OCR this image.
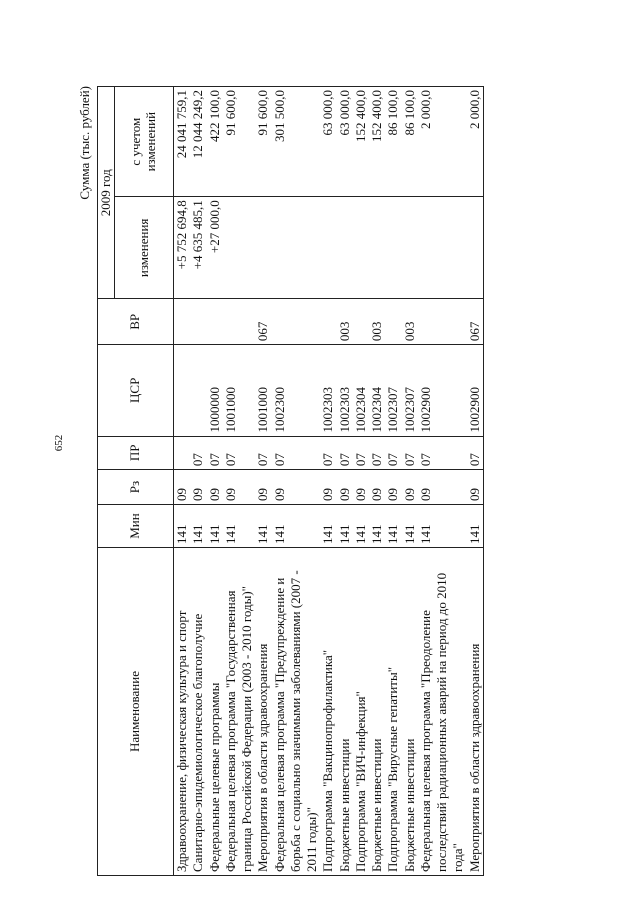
652
Сумма (тыс. рублей)
Наименование	Мин	Рз	ПР	ЦСР	ВР	2009 год	
						изменения	с учетом изменений
Здравоохранение, физическая культура и спорт	141	09				+5 752 694,8	24 041 759,1
Санитарно-эпидемиологическое благополучие	141	09	07			+4 635 485,1	12 044 249,2
Федеральные целевые программы	141	09	07	1000000		+27 000,0	422 100,0
Федеральная целевая программа "Государственная граница Российской Федерации (2003 - 2010 годы)"	141	09	07	1001000			91 600,0
Мероприятия в области здравоохранения	141	09	07	1001000	067		91 600,0
Федеральная целевая программа "Предупреждение и борьба с социально значимыми заболеваниями (2007 - 2011 годы)"	141	09	07	1002300			301 500,0
Подпрограмма "Вакцинопрофилактика"	141	09	07	1002303			63 000,0
Бюджетные инвестиции	141	09	07	1002303	003		63 000,0
Подпрограмма "ВИЧ-инфекция"	141	09	07	1002304			152 400,0
Бюджетные инвестиции	141	09	07	1002304	003		152 400,0
Подпрограмма "Вирусные гепатиты"	141	09	07	1002307			86 100,0
Бюджетные инвестиции	141	09	07	1002307	003		86 100,0
Федеральная целевая программа "Преодоление последствий радиационных аварий на период до 2010 года"	141	09	07	1002900			2 000,0
Мероприятия в области здравоохранения	141	09	07	1002900	067		2 000,0
